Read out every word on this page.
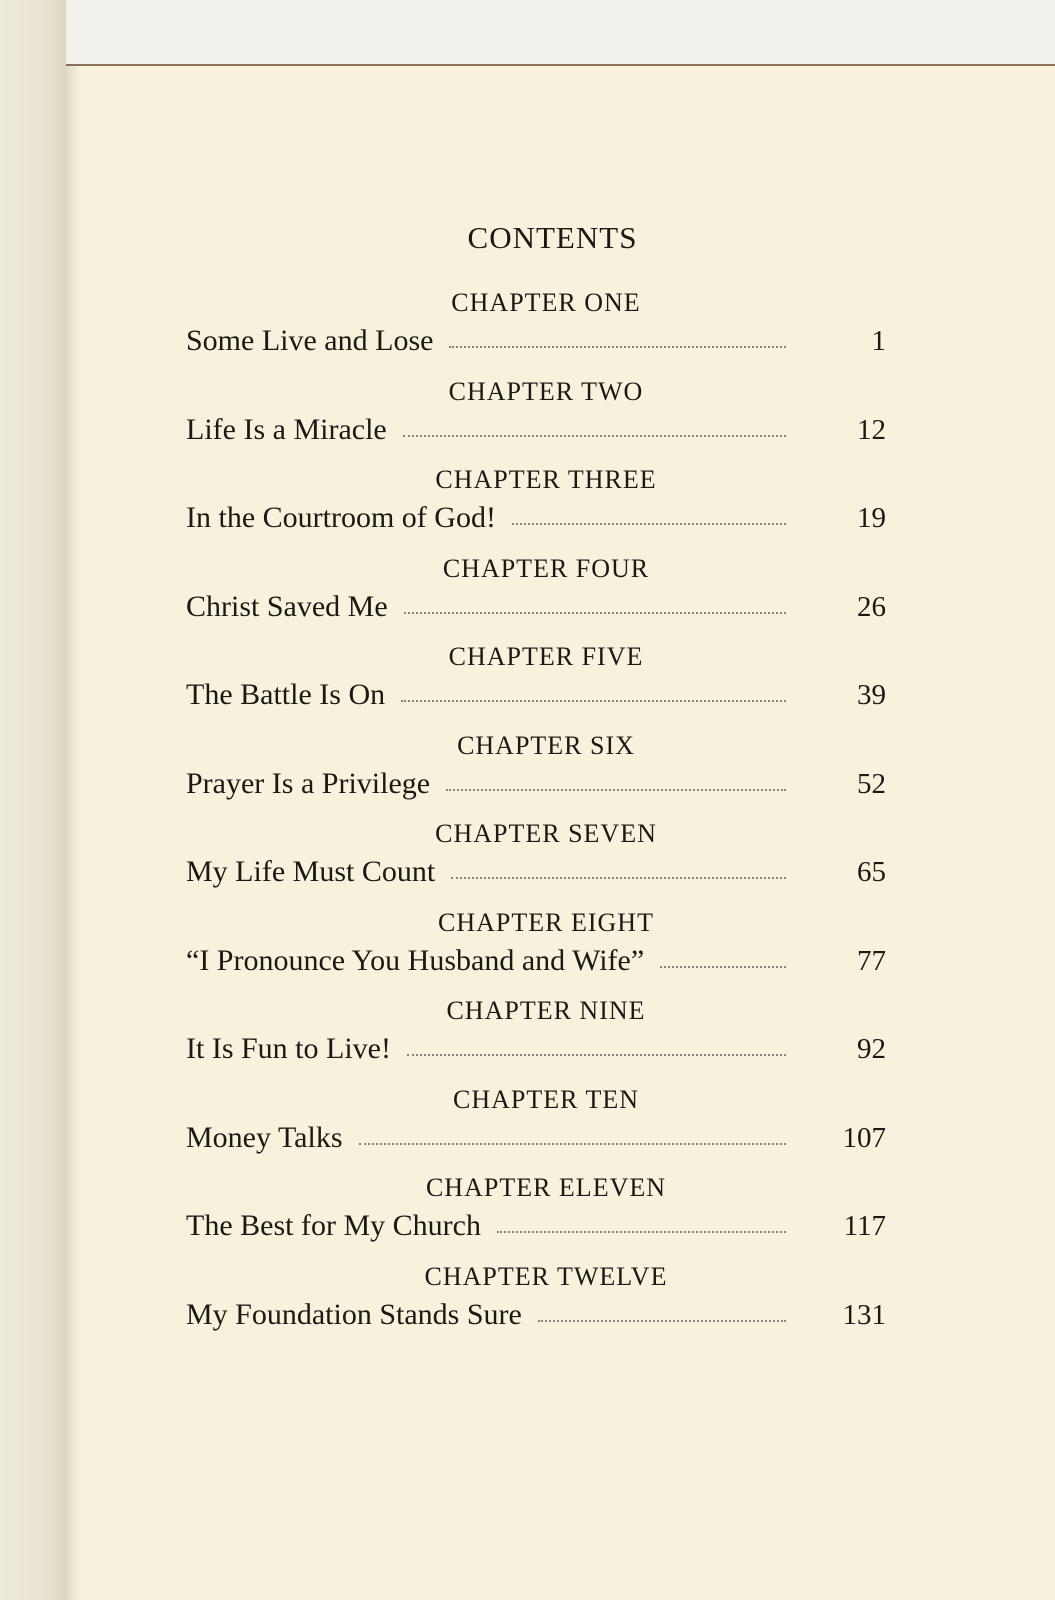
CONTENTS
CHAPTER ONE
Some Live and Lose	1
CHAPTER TWO
Life Is a Miracle	12
CHAPTER THREE
In the Courtroom of God!	19
CHAPTER FOUR
Christ Saved Me	26
CHAPTER FIVE
The Battle Is On	39
CHAPTER SIX
Prayer Is a Privilege	52
CHAPTER SEVEN
My Life Must Count	65
CHAPTER EIGHT
“I Pronounce You Husband and Wife”	77
CHAPTER NINE
It Is Fun to Live!	92
CHAPTER TEN
Money Talks	107
CHAPTER ELEVEN
The Best for My Church	117
CHAPTER TWELVE
My Foundation Stands Sure	131
